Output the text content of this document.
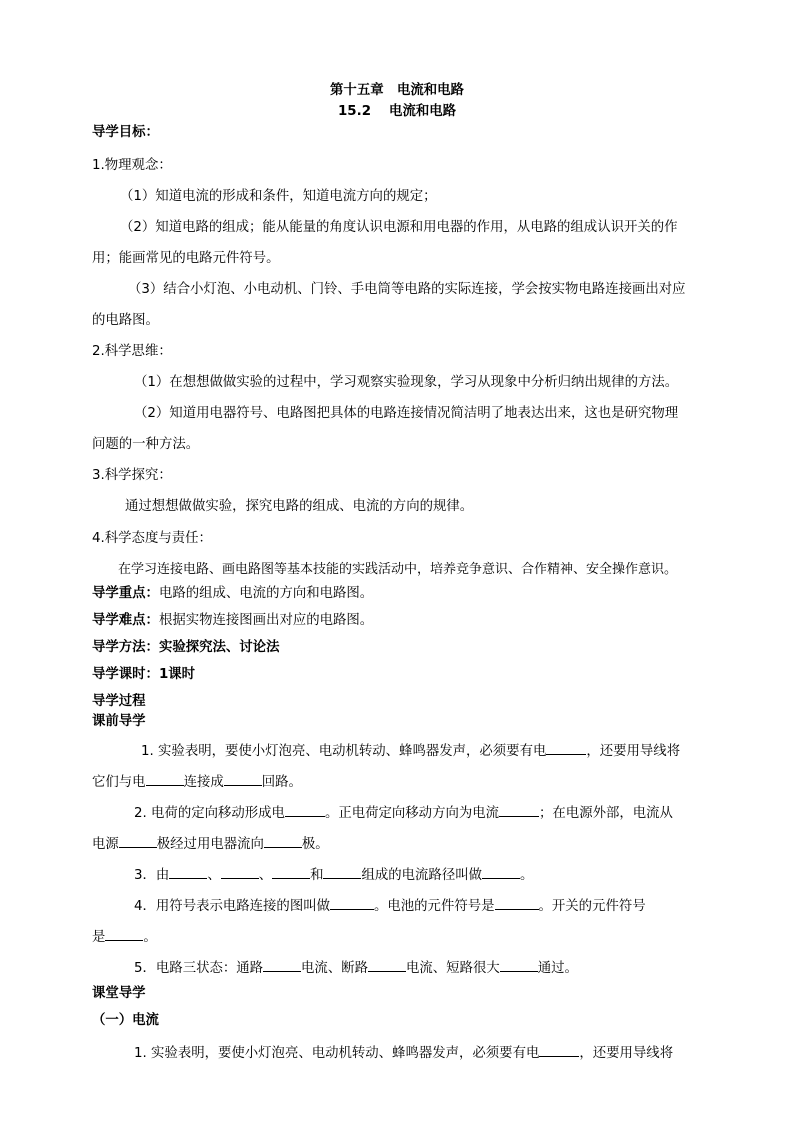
第十五章　电流和电路
15.2　 电流和电路
导学目标：
1.物理观念：
（1）知道电流的形成和条件，知道电流方向的规定；
（2）知道电路的组成；能从能量的角度认识电源和用电器的作用，从电路的组成认识开关的作
用；能画常见的电路元件符号。
（3）结合小灯泡、小电动机、门铃、手电筒等电路的实际连接，学会按实物电路连接画出对应
的电路图。
2.科学思维：
（1）在想想做做实验的过程中，学习观察实验现象，学习从现象中分析归纳出规律的方法。
（2）知道用电器符号、电路图把具体的电路连接情况简洁明了地表达出来，这也是研究物理
问题的一种方法。
3.科学探究：
通过想想做做实验，探究电路的组成、电流的方向的规律。
4.科学态度与责任：
在学习连接电路、画电路图等基本技能的实践活动中，培养竞争意识、合作精神、安全操作意识。
导学重点：电路的组成、电流的方向和电路图。
导学难点：根据实物连接图画出对应的电路图。
导学方法：实验探究法、讨论法
导学课时：1课时
导学过程
课前导学
1. 实验表明，要使小灯泡亮、电动机转动、蜂鸣器发声，必须要有电	，还要用导线将
它们与电	连接成	回路。
2. 电荷的定向移动形成电	。正电荷定向移动方向为电流	；在电源外部，电流从
电源	极经过用电器流向	极。
3．由	、	、	和	组成的电流路径叫做	。
4．用符号表示电路连接的图叫做	。电池的元件符号是	。开关的元件符号
是	。
5．电路三状态：通路	电流、断路	电流、短路很大	通过。
课堂导学
（一）电流
1. 实验表明，要使小灯泡亮、电动机转动、蜂鸣器发声，必须要有电	，还要用导线将
